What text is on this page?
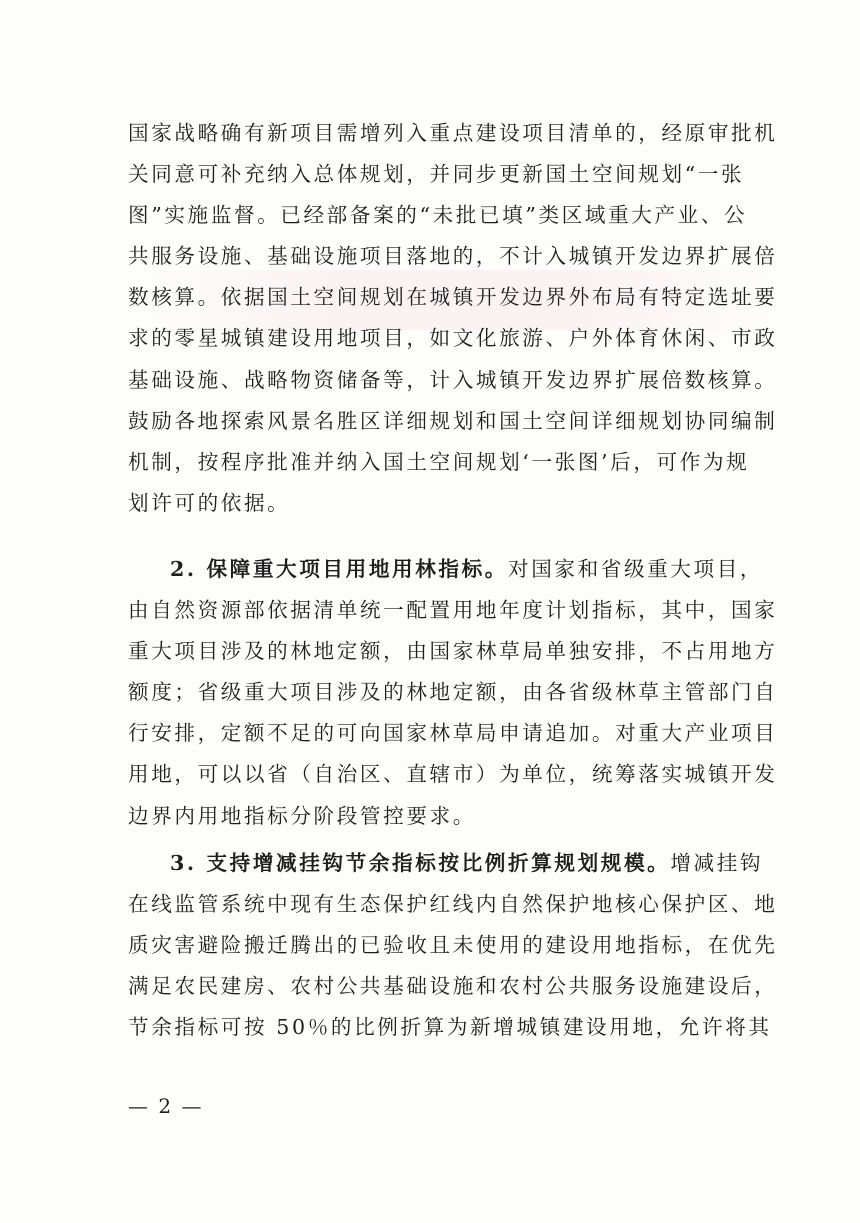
国家战略确有新项目需增列入重点建设项目清单的，经原审批机
关同意可补充纳入总体规划，并同步更新国土空间规划“一张
图”实施监督。已经部备案的“未批已填”类区域重大产业、公
共服务设施、基础设施项目落地的，不计入城镇开发边界扩展倍
数核算。依据国土空间规划在城镇开发边界外布局有特定选址要
求的零星城镇建设用地项目，如文化旅游、户外体育休闲、市政
基础设施、战略物资储备等，计入城镇开发边界扩展倍数核算。
鼓励各地探索风景名胜区详细规划和国土空间详细规划协同编制
机制，按程序批准并纳入国土空间规划‘一张图’后，可作为规
划许可的依据。
2. 保障重大项目用地用林指标。对国家和省级重大项目，
由自然资源部依据清单统一配置用地年度计划指标，其中，国家
重大项目涉及的林地定额，由国家林草局单独安排，不占用地方
额度；省级重大项目涉及的林地定额，由各省级林草主管部门自
行安排，定额不足的可向国家林草局申请追加。对重大产业项目
用地，可以以省（自治区、直辖市）为单位，统筹落实城镇开发
边界内用地指标分阶段管控要求。
3. 支持增减挂钩节余指标按比例折算规划规模。增减挂钩
在线监管系统中现有生态保护红线内自然保护地核心保护区、地
质灾害避险搬迁腾出的已验收且未使用的建设用地指标，在优先
满足农民建房、农村公共基础设施和农村公共服务设施建设后，
节余指标可按 50％的比例折算为新增城镇建设用地，允许将其
— 2 —
